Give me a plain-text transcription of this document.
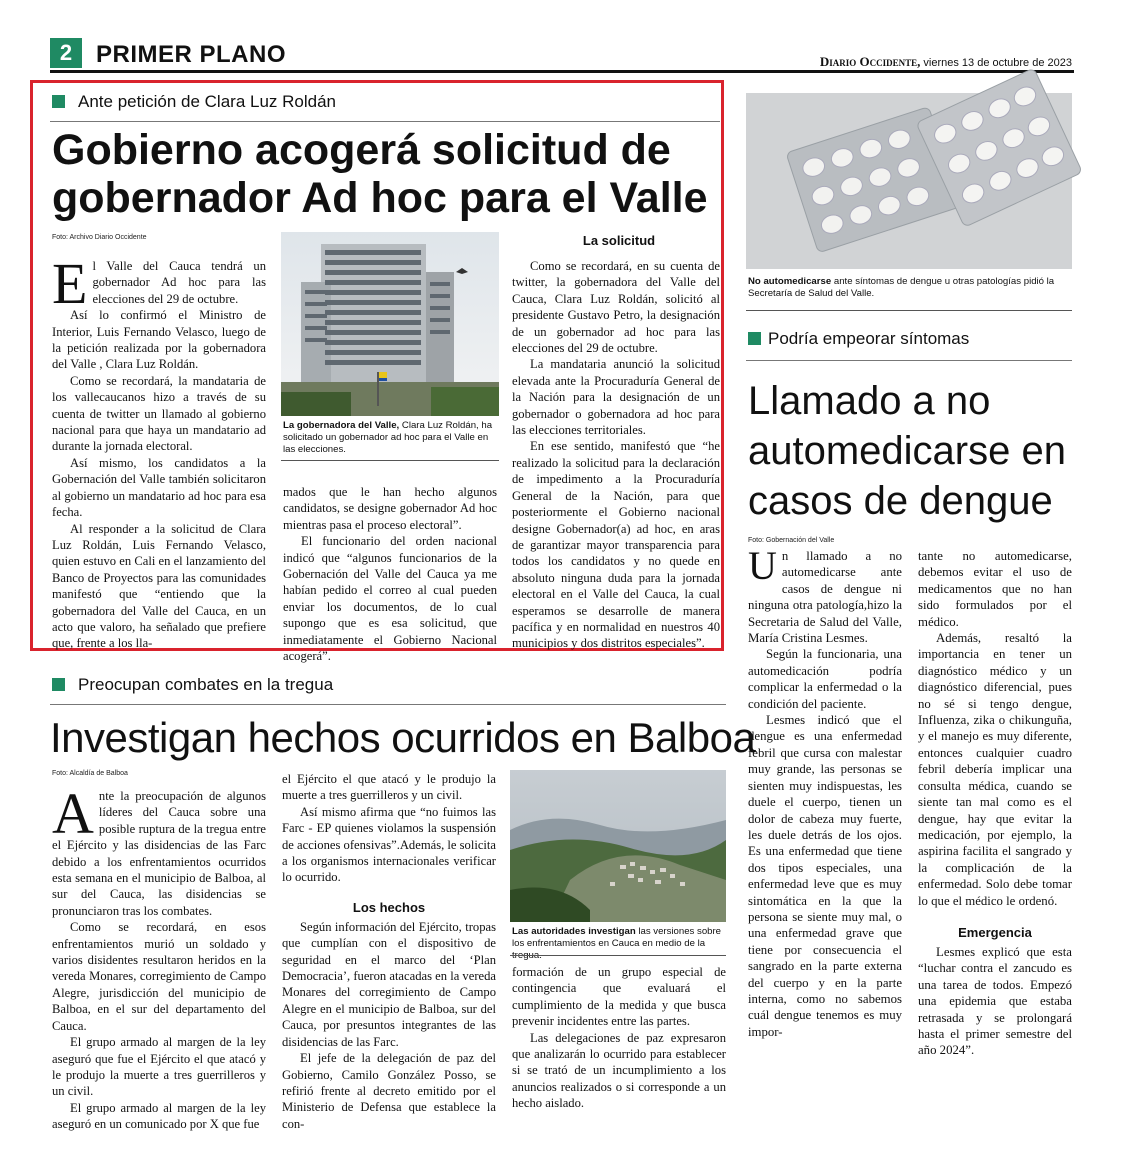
2 PRIMER PLANO	Diario Occidente, viernes 13 de octubre de 2023
Ante petición de Clara Luz Roldán
Gobierno acogerá solicitud de
gobernador Ad hoc para el Valle
Foto: Archivo Diario Occidente

El Valle del Cauca tendrá un gobernador Ad hoc para las elecciones del 29 de octubre.

Así lo confirmó el Ministro de Interior, Luis Fernando Velasco, luego de la petición realizada por la gobernadora del Valle , Clara Luz Roldán.

Como se recordará, la mandataria de los vallecaucanos hizo a través de su cuenta de twitter un llamado al gobierno nacional para que haya un mandatario ad durante la jornada electoral.

Así mismo, los candidatos a la Gobernación del Valle también solicitaron al gobierno un mandatario ad hoc para esa fecha.

Al responder a la solicitud de Clara Luz Roldán, Luis Fernando Velasco, quien estuvo en Cali en el lanzamiento del Banco de Proyectos para las comunidades manifestó que “entiendo que la gobernadora del Valle del Cauca, en un acto que valoro, ha señalado que prefiere que, frente a los lla-

La gobernadora del Valle, Clara Luz Roldán, ha solicitado un gobernador ad hoc para el Valle en las elecciones.

mados que le han hecho algunos candidatos, se designe gobernador Ad hoc mientras pasa el proceso electoral”.

El funcionario del orden nacional indicó que “algunos funcionarios de la Gobernación del Valle del Cauca ya me habían pedido el correo al cual pueden enviar los documentos, de lo cual supongo que es esa solicitud, que inmediatamente el Gobierno Nacional acogerá”.

La solicitud

Como se recordará, en su cuenta de twitter, la gobernadora del Valle del Cauca, Clara Luz Roldán, solicitó al presidente Gustavo Petro, la designación de un gobernador ad hoc para las elecciones del 29 de octubre.

La mandataria anunció la solicitud elevada ante la Procuraduría General de la Nación para la designación de un gobernador o gobernadora ad hoc para las elecciones territoriales.

En ese sentido, manifestó que “he realizado la solicitud para la declaración de impedimento a la Procuraduría General de la Nación, para que posteriormente el Gobierno nacional designe Gobernador(a) ad hoc, en aras de garantizar mayor transparencia para todos los candidatos y no quede en absoluto ninguna duda para la jornada electoral en el Valle del Cauca, la cual esperamos se desarrolle de manera pacífica y en normalidad en nuestros 40 municipios y dos distritos especiales”.

Preocupan combates en la tregua
Investigan hechos ocurridos en Balboa
Foto: Alcaldía de Balboa

Ante la preocupación de algunos líderes del Cauca sobre una posible ruptura de la tregua entre el Ejército y las disidencias de las Farc debido a los enfrentamientos ocurridos esta semana en el municipio de Balboa, al sur del Cauca, las disidencias se pronunciaron tras los combates.

Como se recordará, en esos enfrentamientos murió un soldado y varios disidentes resultaron heridos en la vereda Monares, corregimiento de Campo Alegre, jurisdicción del municipio de Balboa, en el sur del departamento del Cauca.

El grupo armado al margen de la ley aseguró que fue el Ejército el que atacó y le produjo la muerte a tres guerrilleros y un civil.

El grupo armado al margen de la ley aseguró en un comunicado por X que fue

el Ejército el que atacó y le produjo la muerte a tres guerrilleros y un civil.

Así mismo afirma que “no fuimos las Farc - EP quienes violamos la suspensión de acciones ofensivas”.Además, le solicita a los organismos internacionales verificar lo ocurrido.

Los hechos

Según información del Ejército, tropas que cumplían con el dispositivo de seguridad en el marco del ‘Plan Democracia’, fueron atacadas en la vereda Monares del corregimiento de Campo Alegre en el municipio de Balboa, sur del Cauca, por presuntos integrantes de las disidencias de las Farc.

El jefe de la delegación de paz del Gobierno, Camilo González Posso, se refirió frente al decreto emitido por el Ministerio de Defensa que establece la con-

Las autoridades investigan las versiones sobre los enfrentamientos en Cauca en medio de la

formación de un grupo especial de contingencia que evaluará el cumplimiento de la medida y que busca prevenir incidentes entre las partes.

Las delegaciones de paz expresaron que analizarán lo ocurrido para establecer si se trató de un incumplimiento a los anuncios realizados o si corresponde a un hecho aislado.

No automedicarse ante síntomas de dengue u otras patologías pidió la Secretaría de Salud del Valle.
Podría empeorar síntomas
Llamado a no
automedicarse en
casos de dengue
Foto: Gobernación del Valle

Un llamado a no automedicarse ante casos de dengue ni ninguna otra patología,hizo la Secretaria de Salud del Valle, María Cristina Lesmes.

Según la funcionaria, una automedicación podría complicar la enfermedad o la condición del paciente.

Lesmes indicó que el dengue es una enfermedad febril que cursa con malestar muy grande, las personas se sienten muy indispuestas, les duele el cuerpo, tienen un dolor de cabeza muy fuerte, les duele detrás de los ojos. Es una enfermedad que tiene dos tipos especiales, una enfermedad leve que es muy sintomática en la que la persona se siente muy mal, o una enfermedad grave que tiene por consecuencia el sangrado en la parte externa del cuerpo y en la parte interna, como no sabemos cuál dengue tenemos es muy impor-

tante no automedicarse, debemos evitar el uso de medicamentos que no han sido formulados por el médico.

Además, resaltó la importancia en tener un diagnóstico médico y un diagnóstico diferencial, pues no sé si tengo dengue, Influenza, zika o chikunguña, y el manejo es muy diferente, entonces cualquier cuadro febril debería implicar una consulta médica, cuando se siente tan mal como es el dengue, hay que evitar la medicación, por ejemplo, la aspirina facilita el sangrado y la complicación de la enfermedad. Solo debe tomar lo que el médico le ordenó.

Emergencia

Lesmes explicó que esta “luchar contra el zancudo es una tarea de todos. Empezó una epidemia que estaba retrasada y se prolongará hasta el primer semestre del año 2024”.
